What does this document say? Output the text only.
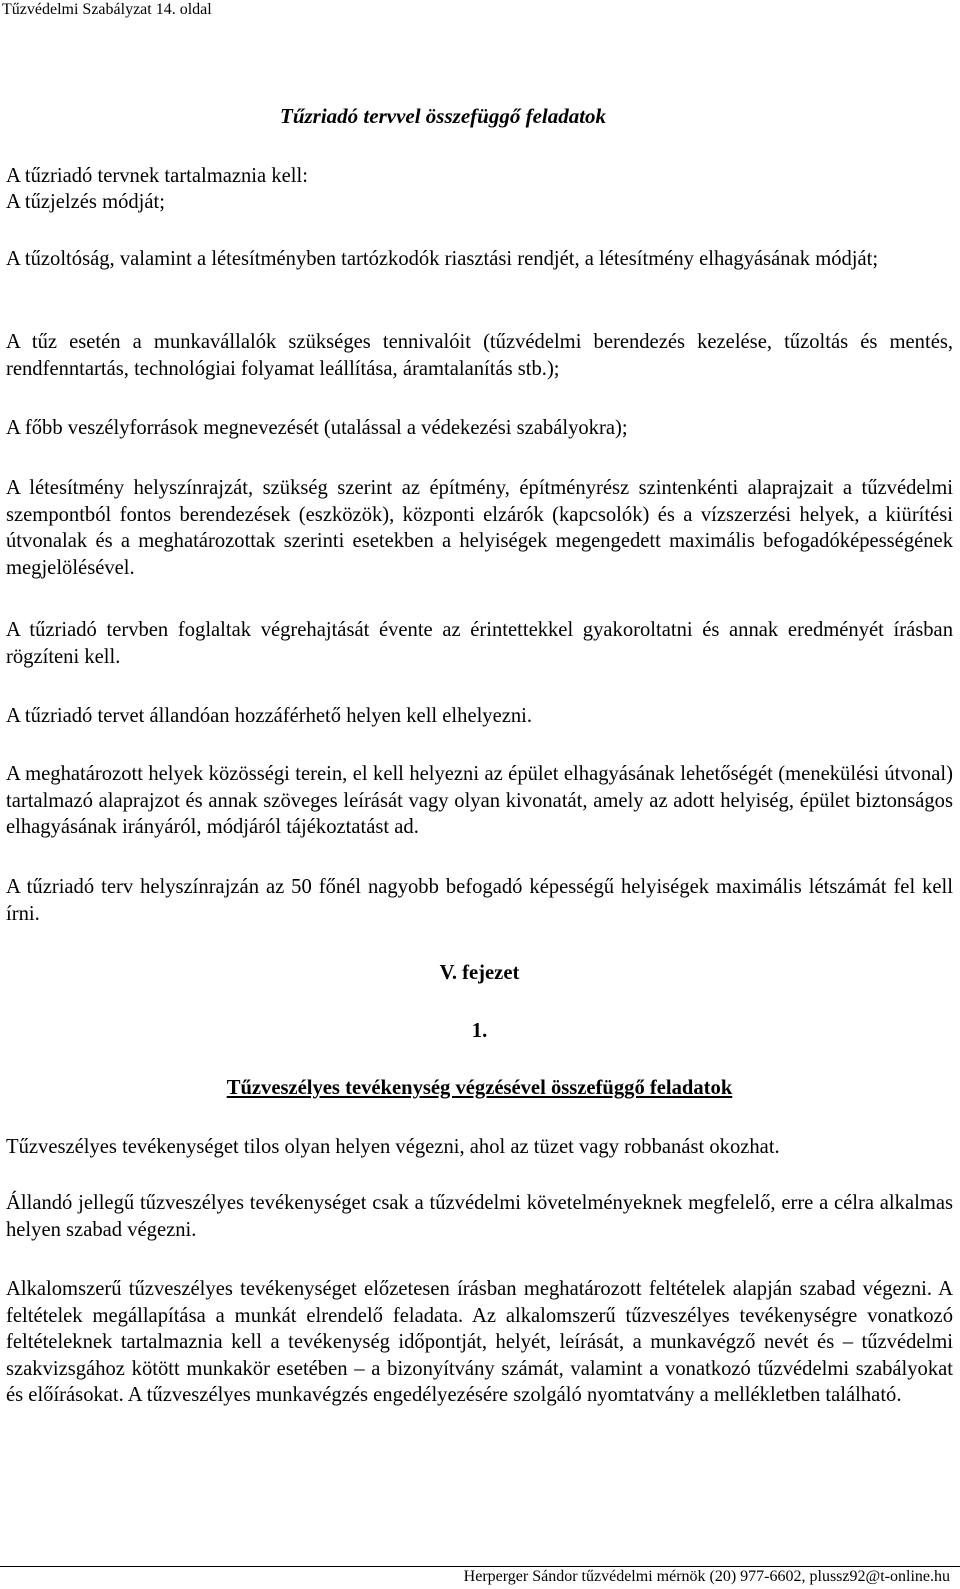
Tűzvédelmi Szabályzat 14. oldal
Tűzriadó tervvel összefüggő feladatok

A tűzriadó tervnek tartalmaznia kell:

A tűzjelzés módját;

A tűzoltóság, valamint a létesítményben tartózkodók riasztási rendjét, a létesítmény elhagyásának módját;

A tűz esetén a munkavállalók szükséges tennivalóit (tűzvédelmi berendezés kezelése, tűzoltás és mentés, rendfenntartás, technológiai folyamat leállítása, áramtalanítás stb.);

A főbb veszélyforrások megnevezését (utalással a védekezési szabályokra);

A létesítmény helyszínrajzát, szükség szerint az építmény, építményrész szintenkénti alaprajzait a tűzvédelmi szempontból fontos berendezések (eszközök), központi elzárók (kapcsolók) és a vízszerzési helyek, a kiürítési útvonalak és a meghatározottak szerinti esetekben a helyiségek megengedett maximális befogadóképességének megjelölésével.

A tűzriadó tervben foglaltak végrehajtását évente az érintettekkel gyakoroltatni és annak eredményét írásban rögzíteni kell.

A tűzriadó tervet állandóan hozzáférhető helyen kell elhelyezni.

A meghatározott helyek közösségi terein, el kell helyezni az épület elhagyásának lehetőségét (menekülési útvonal) tartalmazó alaprajzot és annak szöveges leírását vagy olyan kivonatát, amely az adott helyiség, épület biztonságos elhagyásának irányáról, módjáról tájékoztatást ad.

A tűzriadó terv helyszínrajzán az 50 főnél nagyobb befogadó képességű helyiségek maximális létszámát fel kell írni.

V. fejezet

1.

Tűzveszélyes tevékenység végzésével összefüggő feladatok

Tűzveszélyes tevékenységet tilos olyan helyen végezni, ahol az tüzet vagy robbanást okozhat.

Állandó jellegű tűzveszélyes tevékenységet csak a tűzvédelmi követelményeknek megfelelő, erre a célra alkalmas helyen szabad végezni.

Alkalomszerű tűzveszélyes tevékenységet előzetesen írásban meghatározott feltételek alapján szabad végezni. A feltételek megállapítása a munkát elrendelő feladata. Az alkalomszerű tűzveszélyes tevékenységre vonatkozó feltételeknek tartalmaznia kell a tevékenység időpontját, helyét, leírását, a munkavégző nevét és – tűzvédelmi szakvizsgához kötött munkakör esetében – a bizonyítvány számát, valamint a vonatkozó tűzvédelmi szabályokat és előírásokat. A tűzveszélyes munkavégzés engedélyezésére szolgáló nyomtatvány a mellékletben található.

Herperger Sándor tűzvédelmi mérnök (20) 977-6602, plussz92@t-online.hu
